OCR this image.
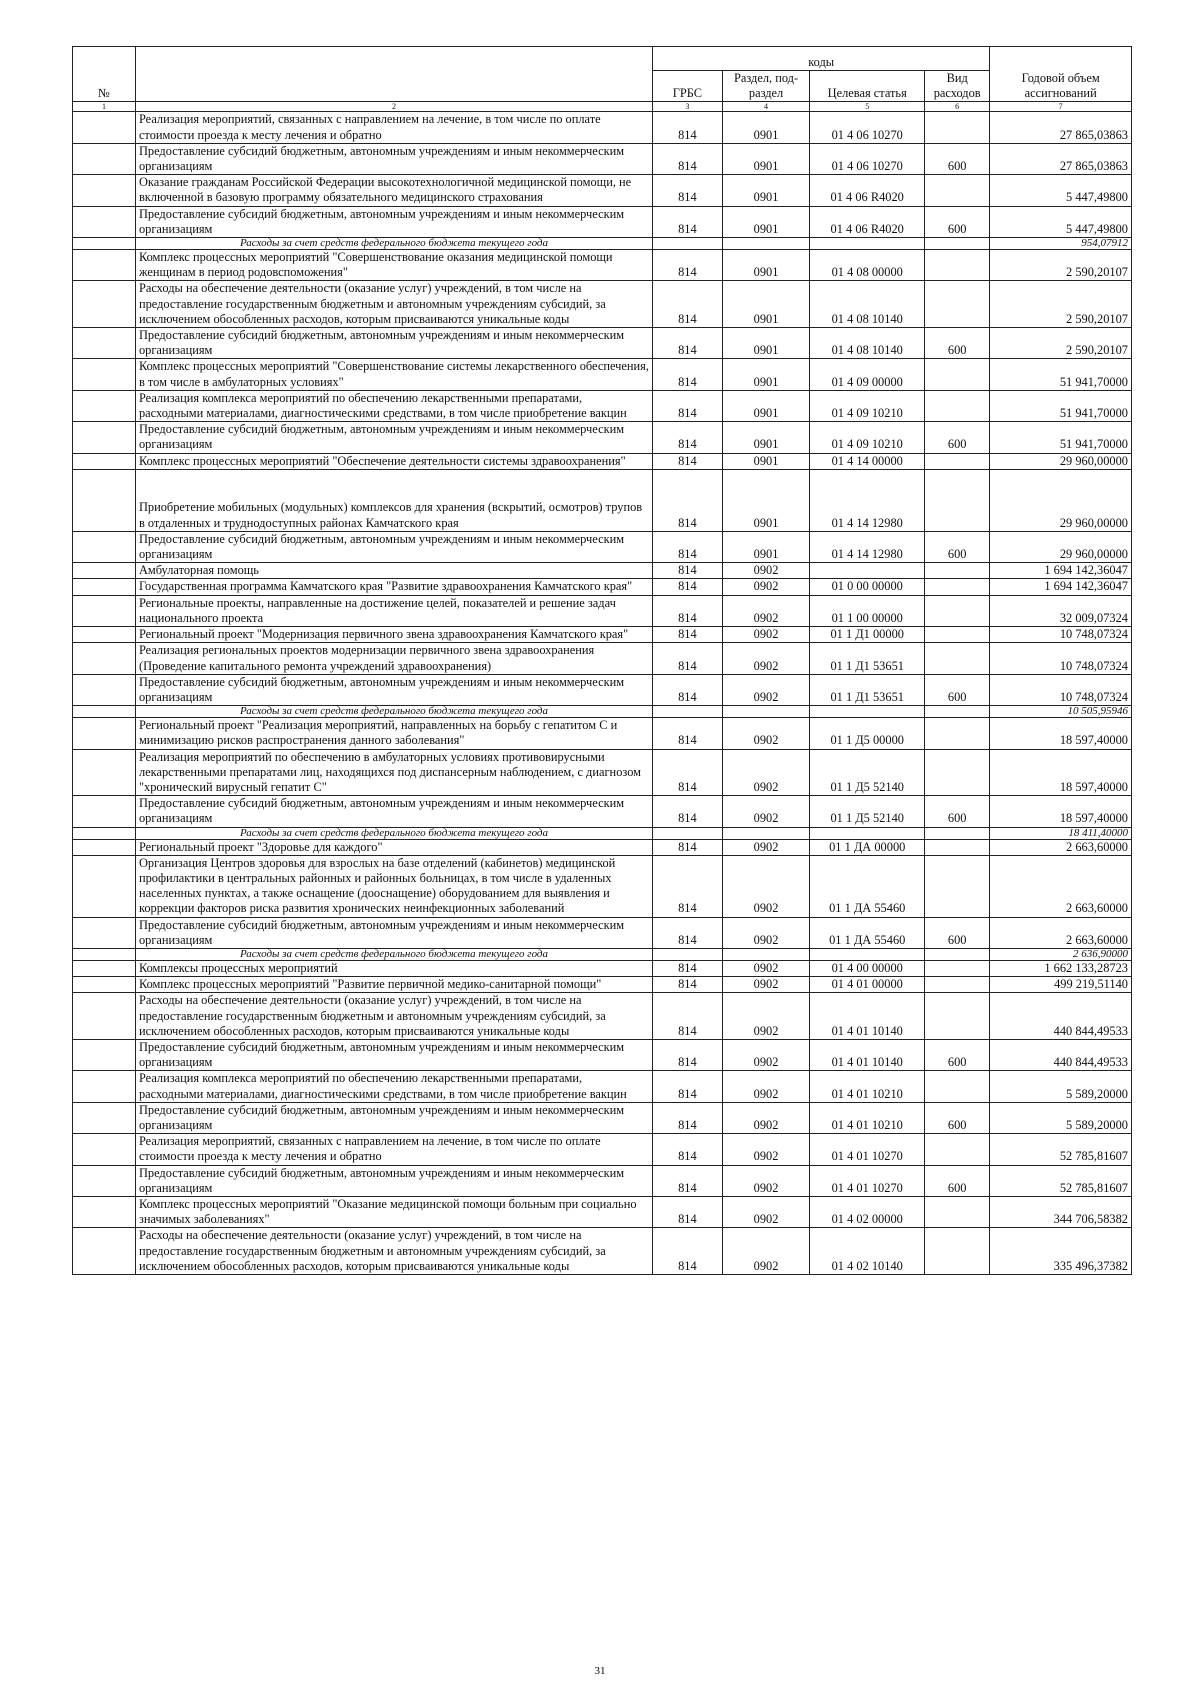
№		коды				Годовой объем ассигнований
		ГРБС	Раздел, под- раздел	Целевая статья	Вид расходов	
1	2	3	4	5	6	7
	Реализация мероприятий, связанных с направлением на лечение, в том числе по оплате стоимости проезда к месту лечения и обратно	814	0901	01 4 06 10270		27 865,03863
	Предоставление субсидий бюджетным, автономным учреждениям и иным некоммерческим организациям	814	0901	01 4 06 10270	600	27 865,03863
	Оказание гражданам Российской Федерации высокотехнологичной медицинской помощи, не включенной в базовую программу обязательного медицинского страхования	814	0901	01 4 06 R4020		5 447,49800
	Предоставление субсидий бюджетным, автономным учреждениям и иным некоммерческим организациям	814	0901	01 4 06 R4020	600	5 447,49800
	Расходы за счет средств федерального бюджета текущего года					954,07912
	Комплекс процессных мероприятий "Совершенствование оказания медицинской помощи женщинам в период родовспоможения"	814	0901	01 4 08 00000		2 590,20107
	Расходы на обеспечение деятельности (оказание услуг) учреждений, в том числе на предоставление государственным бюджетным и автономным учреждениям субсидий, за исключением обособленных расходов, которым присваиваются уникальные коды	814	0901	01 4 08 10140		2 590,20107
	Предоставление субсидий бюджетным, автономным учреждениям и иным некоммерческим организациям	814	0901	01 4 08 10140	600	2 590,20107
	Комплекс процессных мероприятий "Совершенствование системы лекарственного обеспечения, в том числе в амбулаторных условиях"	814	0901	01 4 09 00000		51 941,70000
	Реализация комплекса мероприятий по обеспечению лекарственными препаратами, расходными материалами, диагностическими средствами, в том числе приобретение вакцин	814	0901	01 4 09 10210		51 941,70000
	Предоставление субсидий бюджетным, автономным учреждениям и иным некоммерческим организациям	814	0901	01 4 09 10210	600	51 941,70000
	Комплекс процессных мероприятий "Обеспечение деятельности системы здравоохранения"	814	0901	01 4 14 00000		29 960,00000
	Приобретение мобильных (модульных) комплексов для хранения (вскрытий, осмотров) трупов в отдаленных и труднодоступных районах Камчатского края	814	0901	01 4 14 12980		29 960,00000
	Предоставление субсидий бюджетным, автономным учреждениям и иным некоммерческим организациям	814	0901	01 4 14 12980	600	29 960,00000
	Амбулаторная помощь	814	0902			1 694 142,36047
	Государственная программа Камчатского края "Развитие здравоохранения Камчатского края"	814	0902	01 0 00 00000		1 694 142,36047
	Региональные проекты, направленные на достижение целей, показателей и решение задач национального проекта	814	0902	01 1 00 00000		32 009,07324
	Региональный проект "Модернизация первичного звена здравоохранения Камчатского края"	814	0902	01 1 Д1 00000		10 748,07324
	Реализация региональных проектов модернизации первичного звена здравоохранения (Проведение капитального ремонта учреждений здравоохранения)	814	0902	01 1 Д1 53651		10 748,07324
	Предоставление субсидий бюджетным, автономным учреждениям и иным некоммерческим организациям	814	0902	01 1 Д1 53651	600	10 748,07324
	Расходы за счет средств федерального бюджета текущего года					10 505,95946
	Региональный проект "Реализация мероприятий, направленных на борьбу с гепатитом С и минимизацию рисков распространения данного заболевания"	814	0902	01 1 Д5 00000		18 597,40000
	Реализация мероприятий по обеспечению в амбулаторных условиях противовирусными лекарственными препаратами лиц, находящихся под диспансерным наблюдением, с диагнозом "хронический вирусный гепатит С"	814	0902	01 1 Д5 52140		18 597,40000
	Предоставление субсидий бюджетным, автономным учреждениям и иным некоммерческим организациям	814	0902	01 1 Д5 52140	600	18 597,40000
	Расходы за счет средств федерального бюджета текущего года					18 411,40000
	Региональный проект "Здоровье для каждого"	814	0902	01 1 ДА 00000		2 663,60000
	Организация Центров здоровья для взрослых на базе отделений (кабинетов) медицинской профилактики в центральных районных и районных больницах, в том числе в удаленных населенных пунктах, а также оснащение (дооснащение) оборудованием для выявления и коррекции факторов риска развития хронических неинфекционных заболеваний	814	0902	01 1 ДА 55460		2 663,60000
	Предоставление субсидий бюджетным, автономным учреждениям и иным некоммерческим организациям	814	0902	01 1 ДА 55460	600	2 663,60000
	Расходы за счет средств федерального бюджета текущего года					2 636,90000
	Комплексы процессных мероприятий	814	0902	01 4 00 00000		1 662 133,28723
	Комплекс процессных мероприятий "Развитие первичной медико-санитарной помощи"	814	0902	01 4 01 00000		499 219,51140
	Расходы на обеспечение деятельности (оказание услуг) учреждений, в том числе на предоставление государственным бюджетным и автономным учреждениям субсидий, за исключением обособленных расходов, которым присваиваются уникальные коды	814	0902	01 4 01 10140		440 844,49533
	Предоставление субсидий бюджетным, автономным учреждениям и иным некоммерческим организациям	814	0902	01 4 01 10140	600	440 844,49533
	Реализация комплекса мероприятий по обеспечению лекарственными препаратами, расходными материалами, диагностическими средствами, в том числе приобретение вакцин	814	0902	01 4 01 10210		5 589,20000
	Предоставление субсидий бюджетным, автономным учреждениям и иным некоммерческим организациям	814	0902	01 4 01 10210	600	5 589,20000
	Реализация мероприятий, связанных с направлением на лечение, в том числе по оплате стоимости проезда к месту лечения и обратно	814	0902	01 4 01 10270		52 785,81607
	Предоставление субсидий бюджетным, автономным учреждениям и иным некоммерческим организациям	814	0902	01 4 01 10270	600	52 785,81607
	Комплекс процессных мероприятий "Оказание медицинской помощи больным при социально значимых заболеваниях"	814	0902	01 4 02 00000		344 706,58382
	Расходы на обеспечение деятельности (оказание услуг) учреждений, в том числе на предоставление государственным бюджетным и автономным учреждениям субсидий, за исключением обособленных расходов, которым присваиваются уникальные коды	814	0902	01 4 02 10140		335 496,37382
31
